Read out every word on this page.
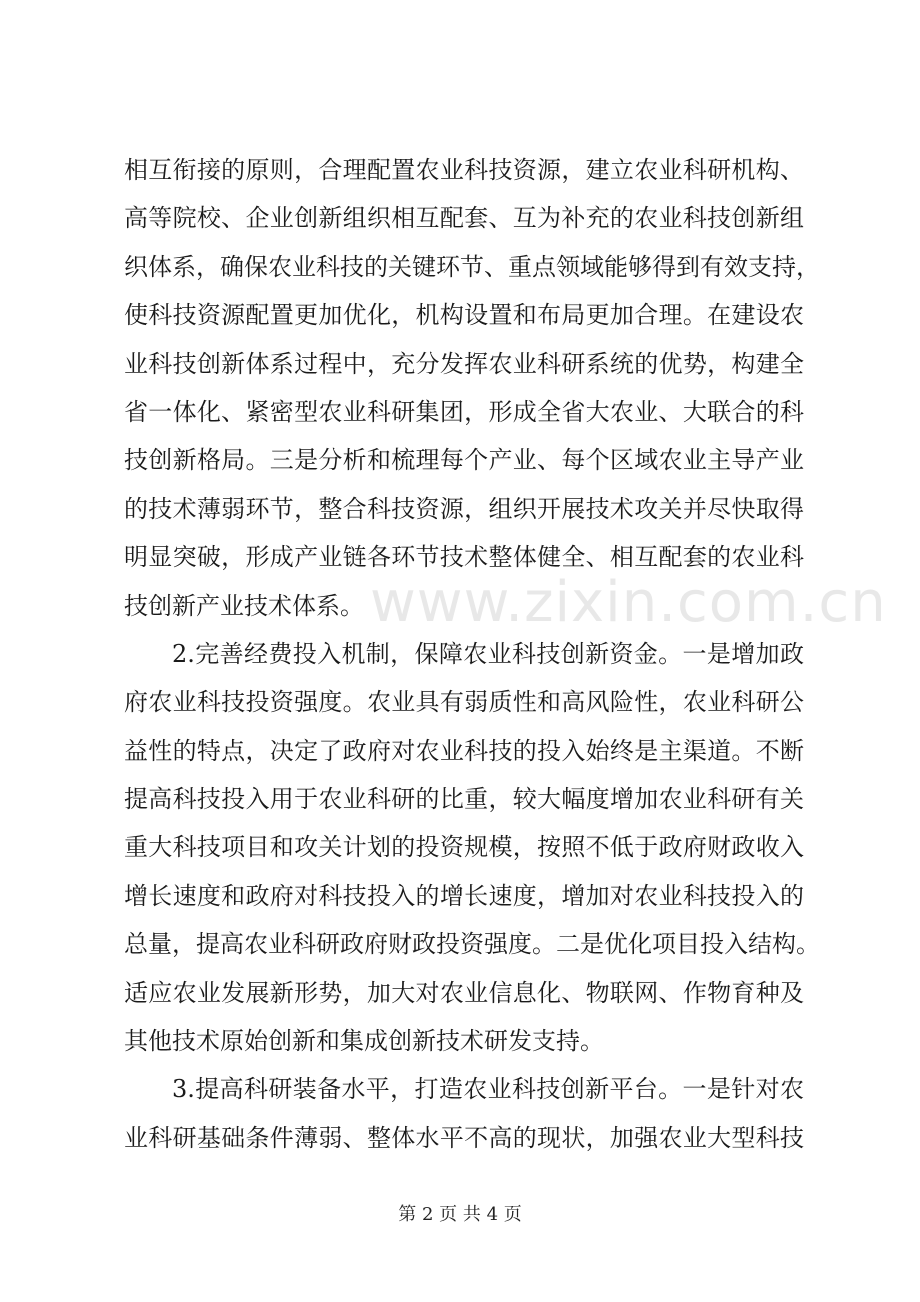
相互衔接的原则，合理配置农业科技资源，建立农业科研机构、
高等院校、企业创新组织相互配套、互为补充的农业科技创新组
织体系，确保农业科技的关键环节、重点领域能够得到有效支持，
使科技资源配置更加优化，机构设置和布局更加合理。在建设农
业科技创新体系过程中，充分发挥农业科研系统的优势，构建全
省一体化、紧密型农业科研集团，形成全省大农业、大联合的科
技创新格局。三是分析和梳理每个产业、每个区域农业主导产业
的技术薄弱环节，整合科技资源，组织开展技术攻关并尽快取得
明显突破，形成产业链各环节技术整体健全、相互配套的农业科
技创新产业技术体系。
2.完善经费投入机制，保障农业科技创新资金。一是增加政
府农业科技投资强度。农业具有弱质性和高风险性，农业科研公
益性的特点，决定了政府对农业科技的投入始终是主渠道。不断
提高科技投入用于农业科研的比重，较大幅度增加农业科研有关
重大科技项目和攻关计划的投资规模，按照不低于政府财政收入
增长速度和政府对科技投入的增长速度，增加对农业科技投入的
总量，提高农业科研政府财政投资强度。二是优化项目投入结构。
适应农业发展新形势，加大对农业信息化、物联网、作物育种及
其他技术原始创新和集成创新技术研发支持。
3.提高科研装备水平，打造农业科技创新平台。一是针对农
业科研基础条件薄弱、整体水平不高的现状，加强农业大型科技
www.zixin.com.cn
第 2 页 共 4 页
